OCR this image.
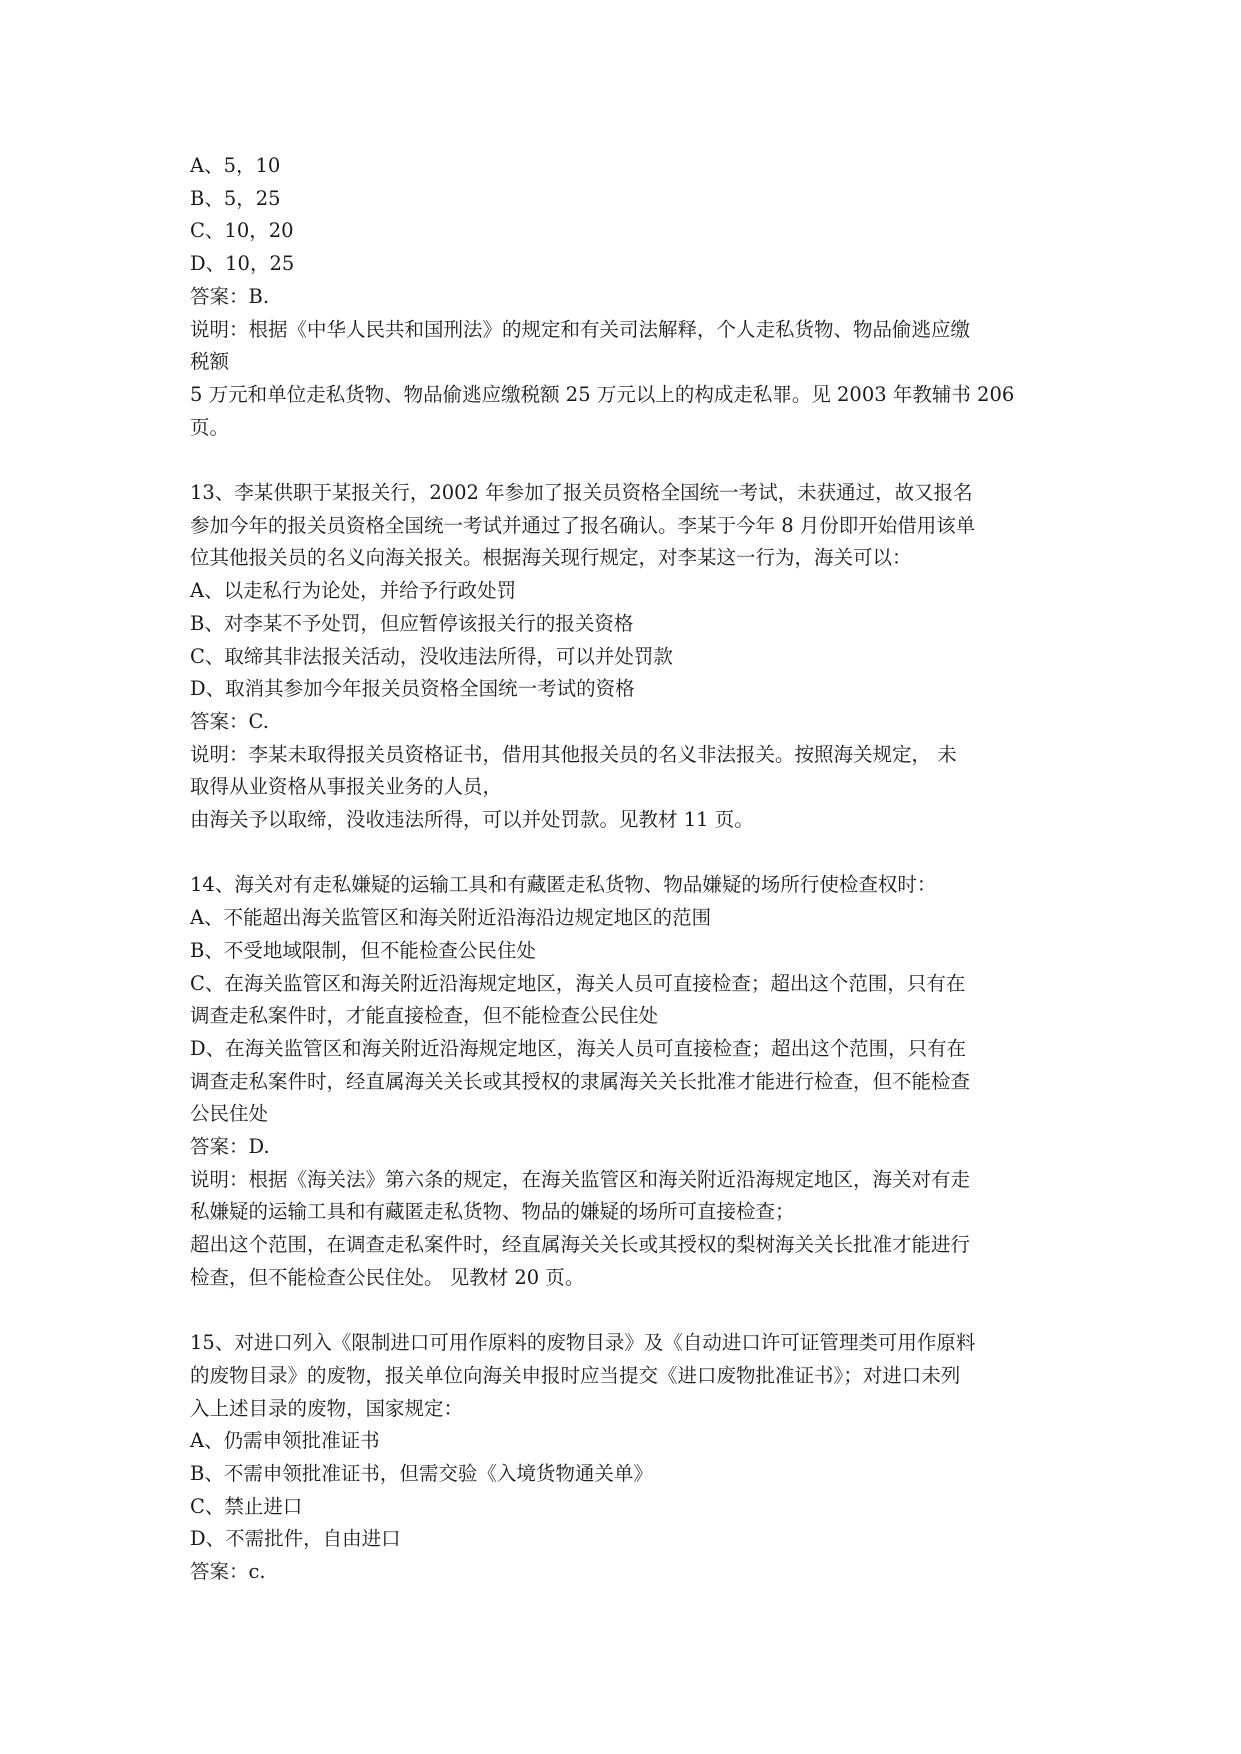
A、5，10
B、5，25
C、10，20
D、10，25
答案：B.
说明：根据《中华人民共和国刑法》的规定和有关司法解释，个人走私货物、物品偷逃应缴
税额
5 万元和单位走私货物、物品偷逃应缴税额 25 万元以上的构成走私罪。见 2003 年教辅书 206
页。
13、李某供职于某报关行，2002 年参加了报关员资格全国统一考试，未获通过，故又报名
参加今年的报关员资格全国统一考试并通过了报名确认。李某于今年 8 月份即开始借用该单
位其他报关员的名义向海关报关。根据海关现行规定，对李某这一行为，海关可以：
A、以走私行为论处，并给予行政处罚
B、对李某不予处罚，但应暂停该报关行的报关资格
C、取缔其非法报关活动，没收违法所得，可以并处罚款
D、取消其参加今年报关员资格全国统一考试的资格
答案：C.
说明：李某未取得报关员资格证书，借用其他报关员的名义非法报关。按照海关规定， 未
取得从业资格从事报关业务的人员，
由海关予以取缔，没收违法所得，可以并处罚款。见教材 11 页。
14、海关对有走私嫌疑的运输工具和有藏匿走私货物、物品嫌疑的场所行使检查权时：
A、不能超出海关监管区和海关附近沿海沿边规定地区的范围
B、不受地域限制，但不能检查公民住处
C、在海关监管区和海关附近沿海规定地区，海关人员可直接检查；超出这个范围，只有在
调查走私案件时，才能直接检查，但不能检查公民住处
D、在海关监管区和海关附近沿海规定地区，海关人员可直接检查；超出这个范围，只有在
调查走私案件时，经直属海关关长或其授权的隶属海关关长批准才能进行检查，但不能检查
公民住处
答案：D.
说明：根据《海关法》第六条的规定，在海关监管区和海关附近沿海规定地区，海关对有走
私嫌疑的运输工具和有藏匿走私货物、物品的嫌疑的场所可直接检查；
超出这个范围，在调查走私案件时，经直属海关关长或其授权的梨树海关关长批准才能进行
检查，但不能检查公民住处。 见教材 20 页。
15、对进口列入《限制进口可用作原料的废物目录》及《自动进口许可证管理类可用作原料
的废物目录》的废物，报关单位向海关申报时应当提交《进口废物批准证书》；对进口未列
入上述目录的废物，国家规定：
A、仍需申领批准证书
B、不需申领批准证书，但需交验《入境货物通关单》
C、禁止进口
D、不需批件，自由进口
答案：c.
